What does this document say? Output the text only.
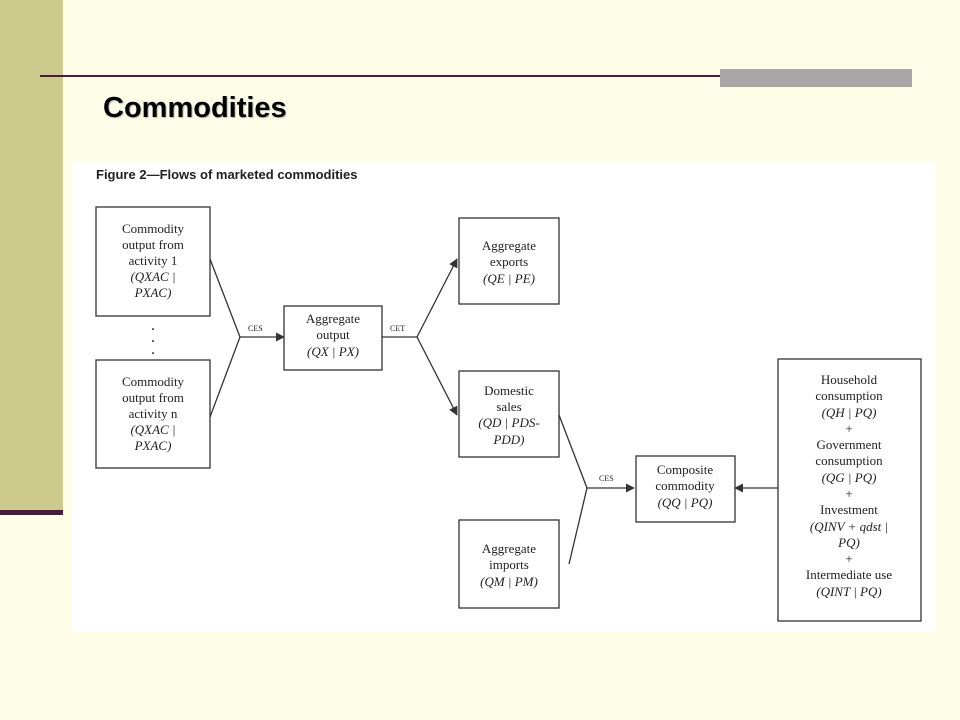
Commodities
Figure 2—Flows of marketed commodities
CES	CET
CES
.
.
.
Commodity output from activity 1 (QXAC | PXAC)
Commodity output from activity n (QXAC | PXAC)
Aggregate output (QX | PX)
Aggregate exports (QE | PE)
Domestic sales (QD | PDS-PDD)
Aggregate imports (QM | PM)
Composite commodity (QQ | PQ)
Household consumption (QH | PQ) + Government consumption (QG | PQ) + Investment (QINV + qdst | PQ) + Intermediate use (QINT | PQ)
